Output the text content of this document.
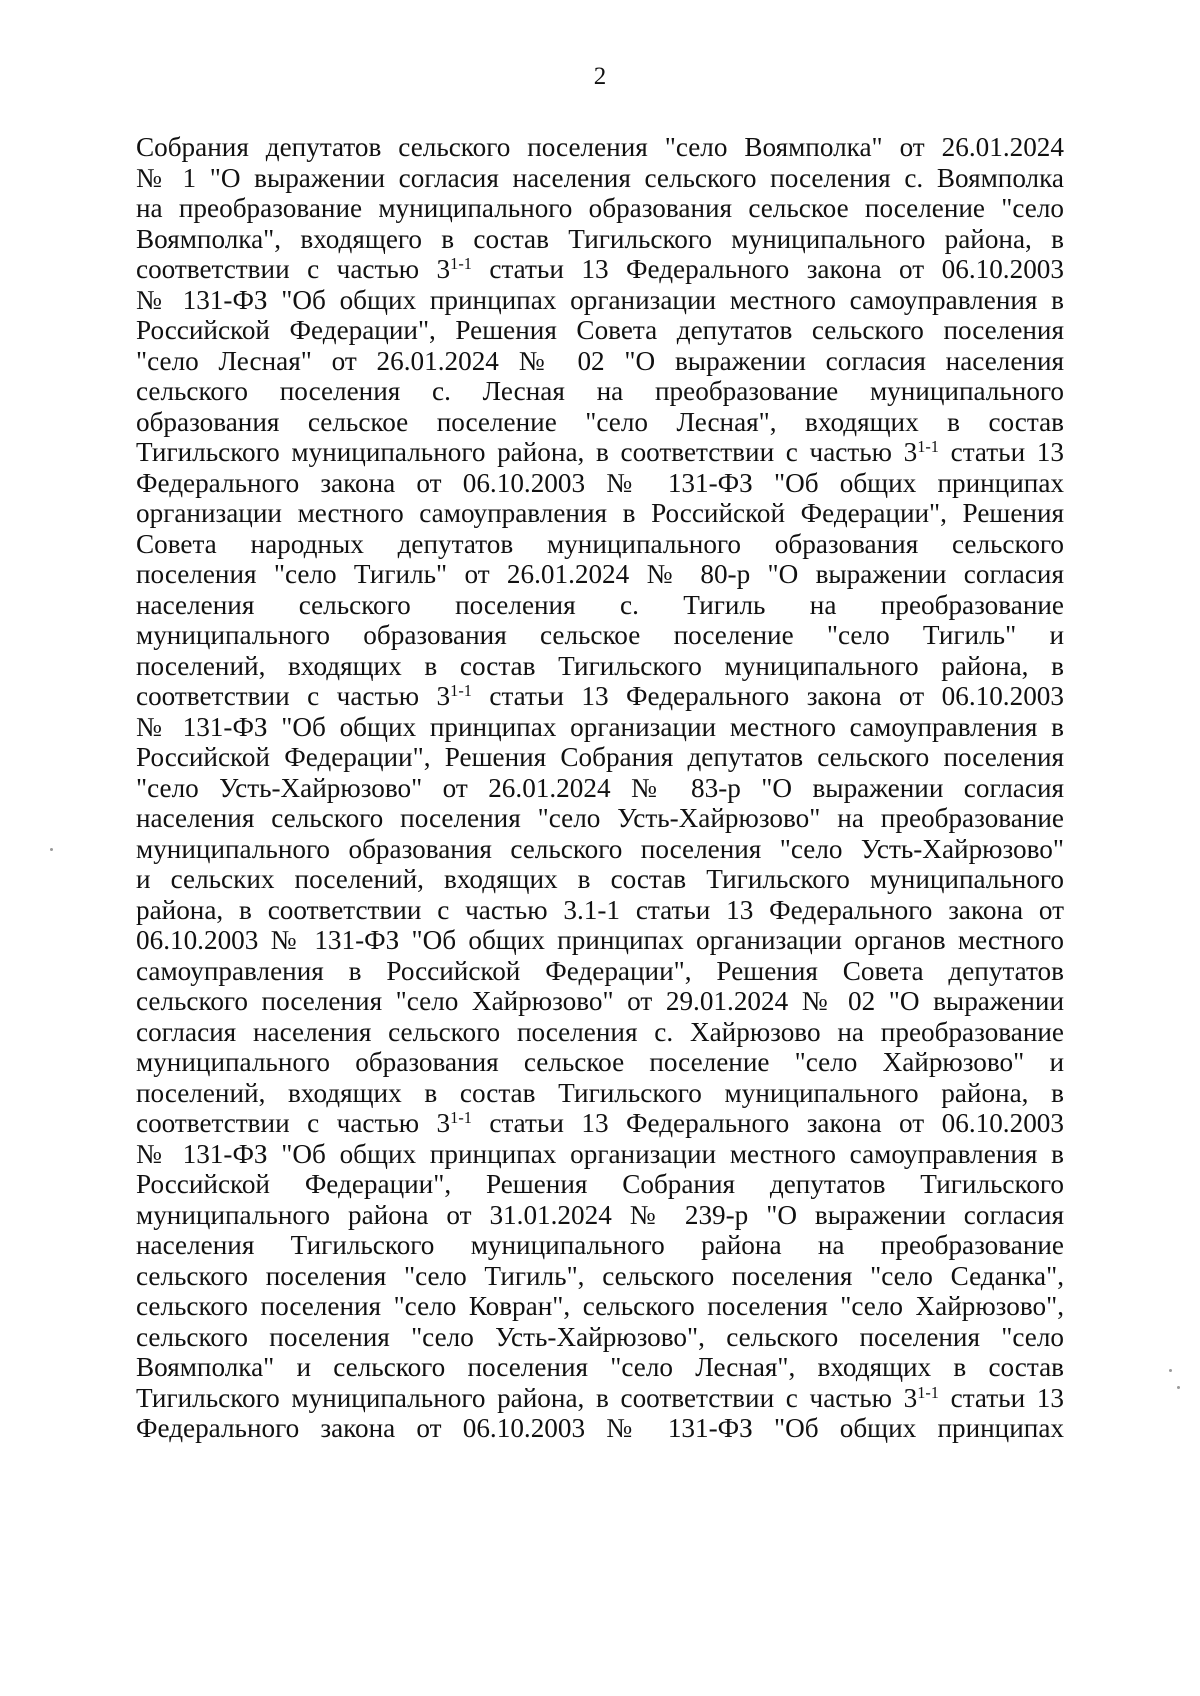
2
Собрания депутатов сельского поселения "село Воямполка" от 26.01.2024
№ 1 "О выражении согласия населения сельского поселения с. Воямполка
на преобразование муниципального образования сельское поселение "село
Воямполка", входящего в состав Тигильского муниципального района, в
соответствии с частью 3$^{1-1}$ статьи 13 Федерального закона от 06.10.2003
№ 131-ФЗ "Об общих принципах организации местного самоуправления в
Российской Федерации", Решения Совета депутатов сельского поселения
"село Лесная" от 26.01.2024 № 02 "О выражении согласия населения
сельского поселения с. Лесная на преобразование муниципального
образования сельское поселение "село Лесная", входящих в состав
Тигильского муниципального района, в соответствии с частью 3$^{1-1}$ статьи 13
Федерального закона от 06.10.2003 № 131-ФЗ "Об общих принципах
организации местного самоуправления в Российской Федерации", Решения
Совета народных депутатов муниципального образования сельского
поселения "село Тигиль" от 26.01.2024 № 80-р "О выражении согласия
населения сельского поселения с. Тигиль на преобразование
муниципального образования сельское поселение "село Тигиль" и
поселений, входящих в состав Тигильского муниципального района, в
соответствии с частью 3$^{1-1}$ статьи 13 Федерального закона от 06.10.2003
№ 131-ФЗ "Об общих принципах организации местного самоуправления в
Российской Федерации", Решения Собрания депутатов сельского поселения
"село Усть-Хайрюзово" от 26.01.2024 № 83-р "О выражении согласия
населения сельского поселения "село Усть-Хайрюзово" на преобразование
муниципального образования сельского поселения "село Усть-Хайрюзово"
и сельских поселений, входящих в состав Тигильского муниципального
района, в соответствии с частью 3.1-1 статьи 13 Федерального закона от
06.10.2003 № 131-ФЗ "Об общих принципах организации органов местного
самоуправления в Российской Федерации", Решения Совета депутатов
сельского поселения "село Хайрюзово" от 29.01.2024 № 02 "О выражении
согласия населения сельского поселения с. Хайрюзово на преобразование
муниципального образования сельское поселение "село Хайрюзово" и
поселений, входящих в состав Тигильского муниципального района, в
соответствии с частью 3$^{1-1}$ статьи 13 Федерального закона от 06.10.2003
№ 131-ФЗ "Об общих принципах организации местного самоуправления в
Российской Федерации", Решения Собрания депутатов Тигильского
муниципального района от 31.01.2024 № 239-р "О выражении согласия
населения Тигильского муниципального района на преобразование
сельского поселения "село Тигиль", сельского поселения "село Седанка",
сельского поселения "село Ковран", сельского поселения "село Хайрюзово",
сельского поселения "село Усть-Хайрюзово", сельского поселения "село
Воямполка" и сельского поселения "село Лесная", входящих в состав
Тигильского муниципального района, в соответствии с частью 3$^{1-1}$ статьи 13
Федерального закона от 06.10.2003 № 131-ФЗ "Об общих принципах
